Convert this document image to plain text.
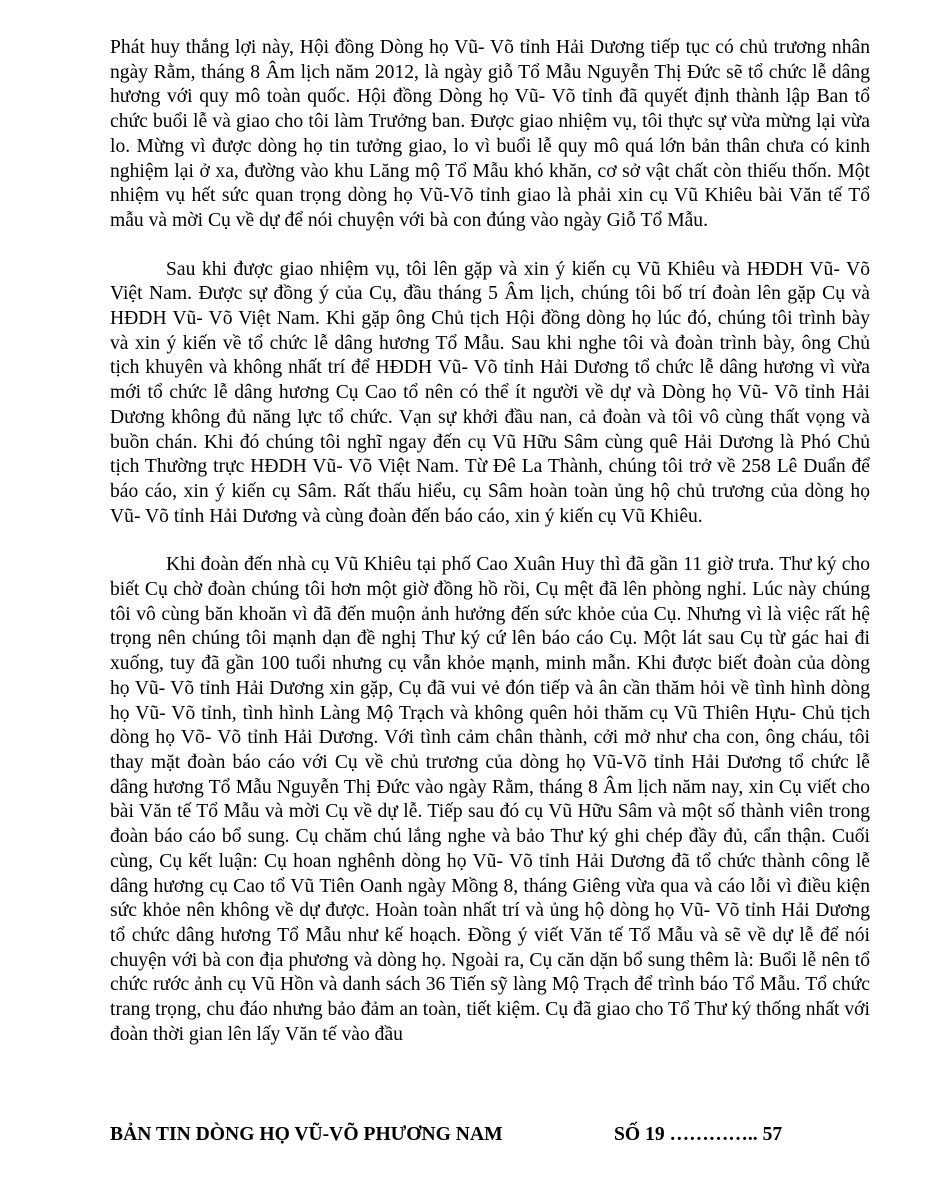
Phát huy thắng lợi này, Hội đồng Dòng họ Vũ- Võ tỉnh Hải Dương tiếp tục có chủ trương nhân ngày Rằm, tháng 8 Âm lịch năm 2012, là ngày giỗ Tổ Mẫu Nguyễn Thị Đức sẽ tổ chức lễ dâng hương với quy mô toàn quốc. Hội đồng Dòng họ Vũ- Võ tỉnh đã quyết định thành lập Ban tổ chức buổi lễ và giao cho tôi làm Trưởng ban. Được giao nhiệm vụ, tôi thực sự vừa mừng lại vừa lo. Mừng vì được dòng họ tin tưởng giao, lo vì buổi lễ quy mô quá lớn bản thân chưa có kinh nghiệm lại ở xa, đường vào khu Lăng mộ Tổ Mẫu khó khăn, cơ sở vật chất còn thiếu thốn. Một nhiệm vụ hết sức quan trọng dòng họ Vũ-Võ tỉnh giao là phải xin cụ Vũ Khiêu bài Văn tế Tổ mẫu và mời Cụ về dự để nói chuyện với bà con đúng vào ngày Giỗ Tổ Mẫu.

Sau khi được giao nhiệm vụ, tôi lên gặp và xin ý kiến cụ Vũ Khiêu và HĐDH Vũ- Võ Việt Nam. Được sự đồng ý của Cụ, đầu tháng 5 Âm lịch, chúng tôi bố trí đoàn lên gặp Cụ và HĐDH Vũ- Võ Việt Nam. Khi gặp ông Chủ tịch Hội đồng dòng họ lúc đó, chúng tôi trình bày và xin ý kiến về tổ chức lễ dâng hương Tổ Mẫu. Sau khi nghe tôi và đoàn trình bày, ông Chủ tịch khuyên và không nhất trí để HĐDH Vũ- Võ tỉnh Hải Dương tổ chức lễ dâng hương vì vừa mới tổ chức lễ dâng hương Cụ Cao tổ nên có thể ít người về dự và Dòng họ Vũ- Võ tỉnh Hải Dương không đủ năng lực tổ chức. Vạn sự khởi đầu nan, cả đoàn và tôi vô cùng thất vọng và buồn chán. Khi đó chúng tôi nghĩ ngay đến cụ Vũ Hữu Sâm cùng quê Hải Dương là Phó Chủ tịch Thường trực HĐDH Vũ- Võ Việt Nam. Từ Đê La Thành, chúng tôi trở về 258 Lê Duẩn để báo cáo, xin ý kiến cụ Sâm. Rất thấu hiểu, cụ Sâm hoàn toàn ủng hộ chủ trương của dòng họ Vũ- Võ tỉnh Hải Dương và cùng đoàn đến báo cáo, xin ý kiến cụ Vũ Khiêu.

Khi đoàn đến nhà cụ Vũ Khiêu tại phố Cao Xuân Huy thì đã gần 11 giờ trưa. Thư ký cho biết Cụ chờ đoàn chúng tôi hơn một giờ đồng hồ rồi, Cụ mệt đã lên phòng nghỉ. Lúc này chúng tôi vô cùng băn khoăn vì đã đến muộn ảnh hưởng đến sức khỏe của Cụ. Nhưng vì là việc rất hệ trọng nên chúng tôi mạnh dạn đề nghị Thư ký cứ lên báo cáo Cụ. Một lát sau Cụ từ gác hai đi xuống, tuy đã gần 100 tuổi nhưng cụ vẫn khỏe mạnh, minh mẫn. Khi được biết đoàn của dòng họ Vũ- Võ tỉnh Hải Dương xin gặp, Cụ đã vui vẻ đón tiếp và ân cần thăm hỏi về tình hình dòng họ Vũ- Võ tỉnh, tình hình Làng Mộ Trạch và không quên hỏi thăm cụ Vũ Thiên Hựu- Chủ tịch dòng họ Võ- Võ tỉnh Hải Dương. Với tình cảm chân thành, cởi mở như cha con, ông cháu, tôi thay mặt đoàn báo cáo với Cụ về chủ trương của dòng họ Vũ-Võ tỉnh Hải Dương tổ chức lễ dâng hương Tổ Mẫu Nguyễn Thị Đức vào ngày Rằm, tháng 8 Âm lịch năm nay, xin Cụ viết cho bài Văn tế Tổ Mẫu và mời Cụ về dự lễ. Tiếp sau đó cụ Vũ Hữu Sâm và một số thành viên trong đoàn báo cáo bổ sung. Cụ chăm chú lắng nghe và bảo Thư ký ghi chép đầy đủ, cẩn thận. Cuối cùng, Cụ kết luận: Cụ hoan nghênh dòng họ Vũ- Võ tỉnh Hải Dương đã tổ chức thành công lễ dâng hương cụ Cao tổ Vũ Tiên Oanh ngày Mồng 8, tháng Giêng vừa qua và cáo lỗi vì điều kiện sức khỏe nên không về dự được. Hoàn toàn nhất trí và ủng hộ dòng họ Vũ- Võ tỉnh Hải Dương tổ chức dâng hương Tổ Mẫu như kế hoạch. Đồng ý viết Văn tế Tổ Mẫu và sẽ về dự lễ để nói chuyện với bà con địa phương và dòng họ. Ngoài ra, Cụ căn dặn bổ sung thêm là: Buổi lễ nên tổ chức rước ảnh cụ Vũ Hồn và danh sách 36 Tiến sỹ làng Mộ Trạch để trình báo Tổ Mẫu. Tổ chức trang trọng, chu đáo nhưng bảo đảm an toàn, tiết kiệm. Cụ đã giao cho Tổ Thư ký thống nhất với đoàn thời gian lên lấy Văn tế vào đầu

BẢN TIN DÒNG HỌ VŨ-VÕ PHƯƠNG NAM	SỐ 19 ………….. 57
